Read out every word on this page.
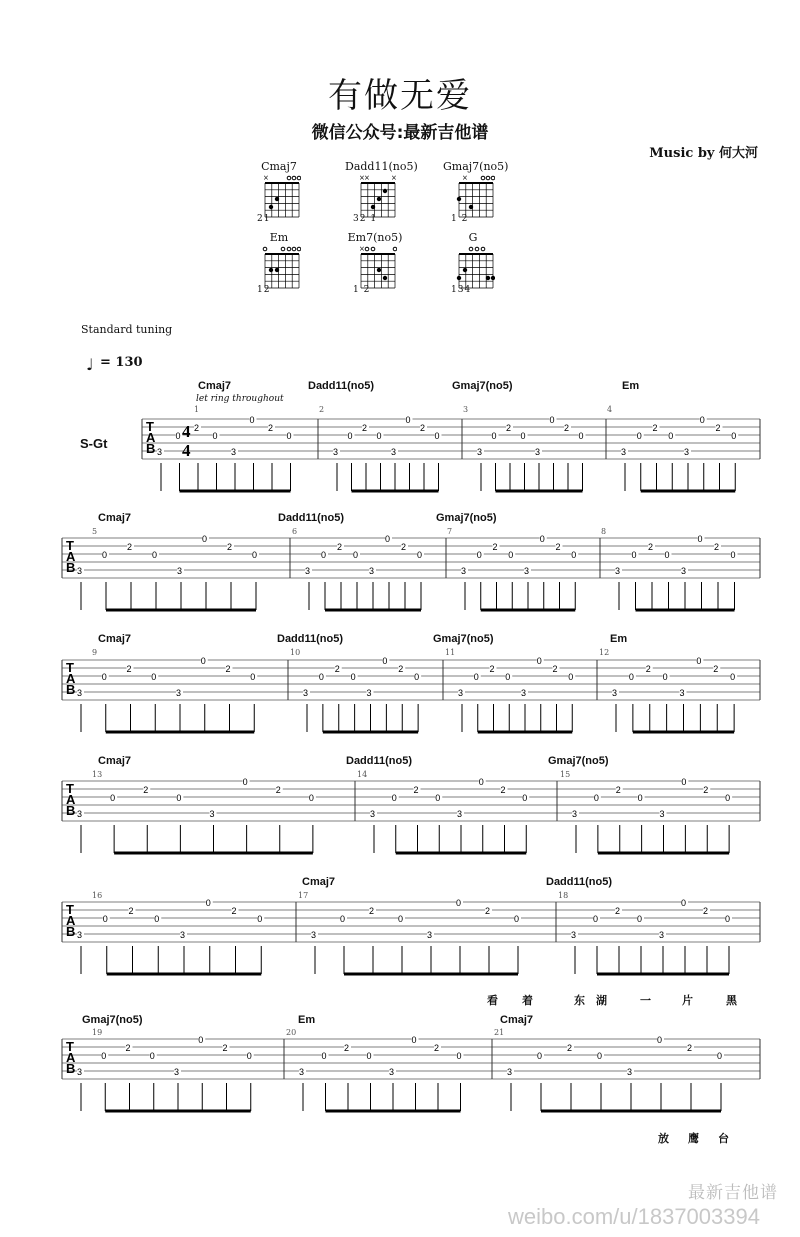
有做无爱
微信公众号:最新吉他谱
Music by 何大河
Cmaj7
×
21
Dadd11(no5)
× ×	×
32 1
Gmaj7(no5)
×
1 2
Em
12
Em7(no5)
×
1 2
G
134
Standard tuning
♩ = 130
S-Gt
Cmaj7	Dadd11(no5)	Gmaj7(no5)	Em
let ring throughout
Cmaj7	Dadd11(no5)	Gmaj7(no5)
Cmaj7	Dadd11(no5)	Gmaj7(no5)	Em
Cmaj7	Dadd11(no5)	Gmaj7(no5)
Cmaj7	Dadd11(no5)
Gmaj7(no5)	Em	Cmaj7
1	2	3	4
5	6	7	8
9	10	11	12
13	14	15
16	17	18
19	20	21
看 着	东 湖	一	片	黑
放 鹰 台
T
A
B 3
0
2
0
3
0
2
0
3
0
2
0
3
0
2
0
3
0
2
0
3
0
2
0
3
0
2
0
3
0
2
0
T
A
B 3
0
2
0
3
0
2
0
3
0
2
0
3
0
2
0
3
0
2
0
3
0
2
0
3
0
2
0
3
0
2
0
T
A
B 3
0
2
0
3
0
2
0
3
0
2
0
3
0
2
0
3
0
2
0
3
0
2
0
3
0
2
0
3
0
2
0
T
A
B 3
0
2
0
3
0
2
0
3
0
2
0
3
0
2
0
3
0
2
0
3
0
2
0
T
A
B 3
0
2
0
3
0
2
0
3
0
2
0
3
0
2
0
3
0
2
0
3
0
2
0
T
A
B 3
0
2
0
3
0
2
0
3
0
2
0
3
0
2
0
3
0
2
0
3
0
2
0
4
4
最新吉他谱
weibo.com/u/1837003394
